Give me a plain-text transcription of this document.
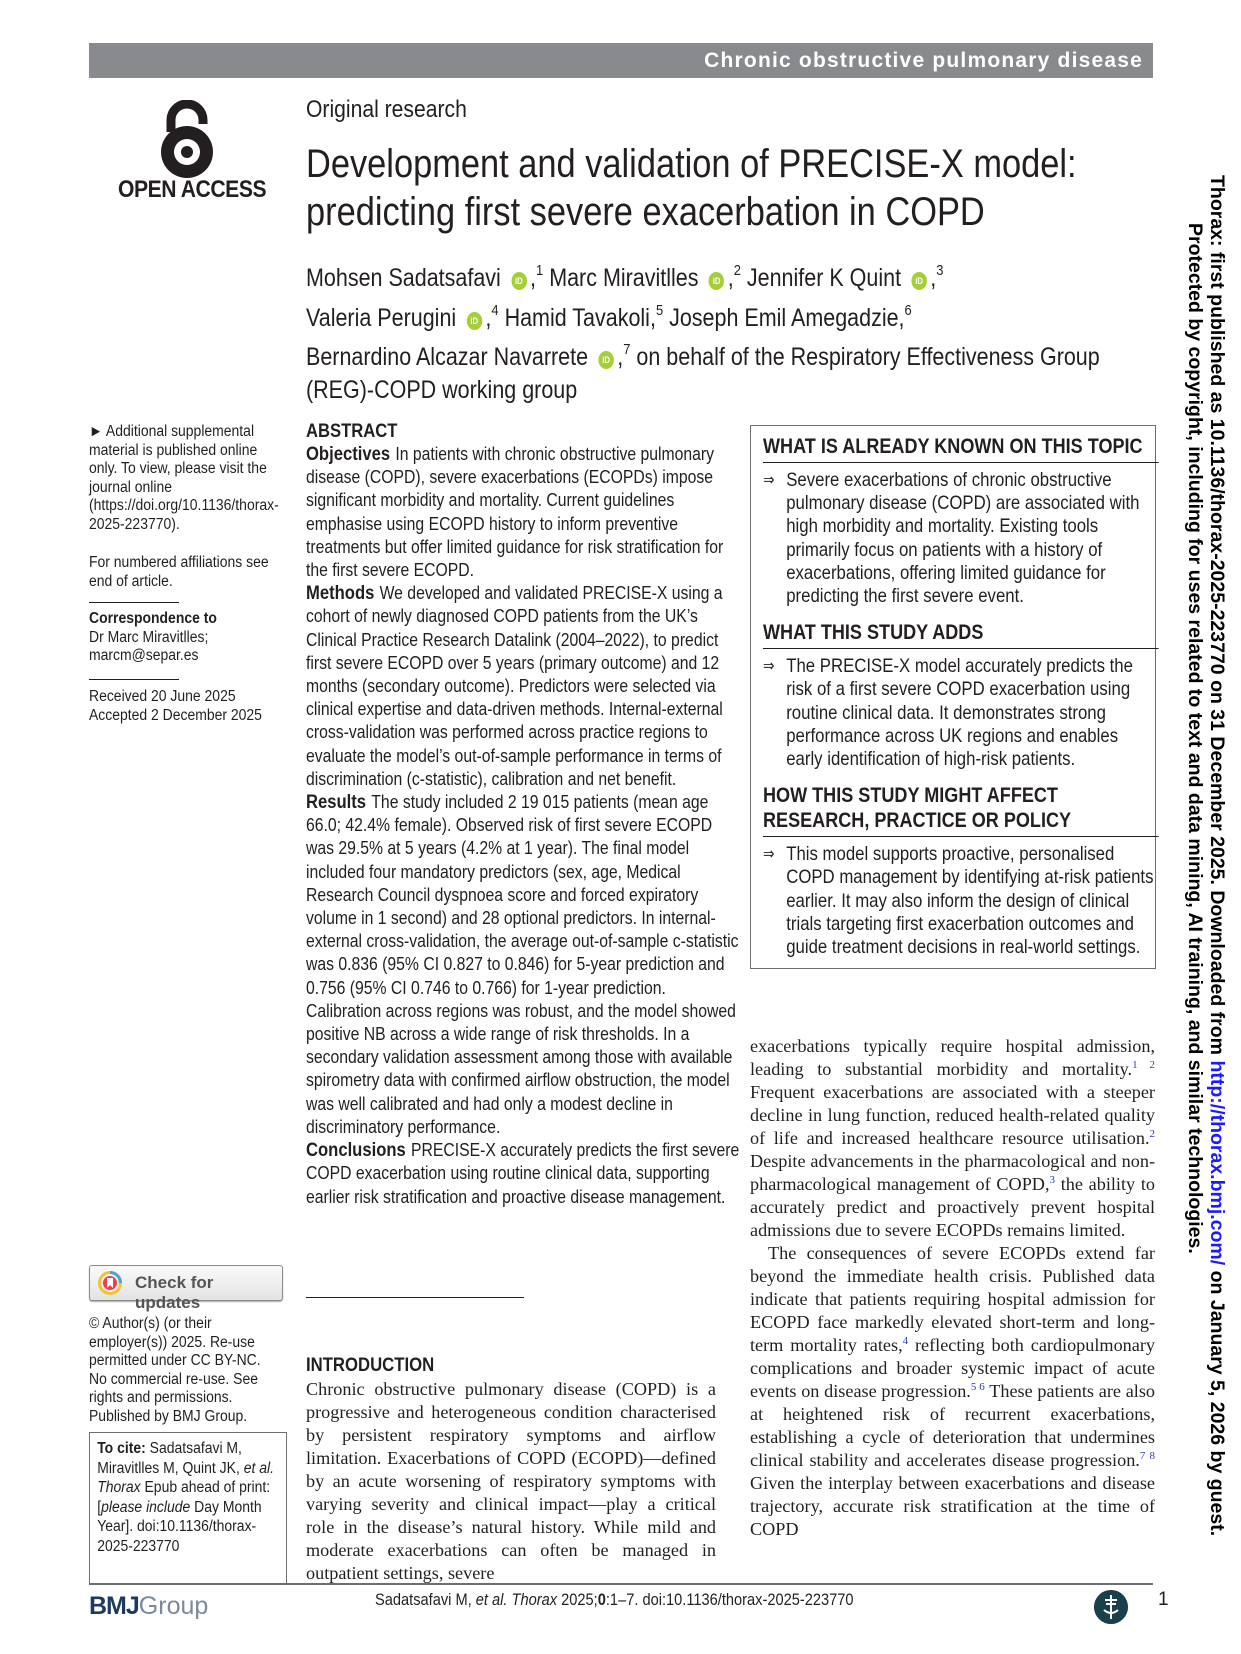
Chronic obstructive pulmonary disease
OPEN ACCESS
Original research
Development and validation of PRECISE-X model:
predicting first severe exacerbation in COPD
Mohsen Sadatsafavi iD ,$^1$ Marc Miravitlles iD ,$^2$ Jennifer K Quint iD ,$^3$
Valeria Perugini iD ,$^4$ Hamid Tavakoli,$^5$ Joseph Emil Amegadzie,$^6$
Bernardino Alcazar Navarrete iD ,$^7$ on behalf of the Respiratory Effectiveness Group
(REG)-COPD working group
► Additional supplemental material is published online only. To view, please visit the journal online (https://doi.org/10.1136/thorax-2025-223770).
For numbered affiliations see end of article.
Correspondence to
Dr Marc Miravitlles;
marcm@separ.es
Received 20 June 2025
Accepted 2 December 2025
Check for updates
© Author(s) (or their employer(s)) 2025. Re-use permitted under CC BY-NC. No commercial re-use. See rights and permissions. Published by BMJ Group.
To cite: Sadatsafavi M, Miravitlles M, Quint JK, et al. Thorax Epub ahead of print: [please include Day Month Year]. doi:10.1136/thorax-2025-223770
ABSTRACT

Objectives In patients with chronic obstructive pulmonary disease (COPD), severe exacerbations (ECOPDs) impose significant morbidity and mortality. Current guidelines emphasise using ECOPD history to inform preventive treatments but offer limited guidance for risk stratification for the first severe ECOPD.

Methods We developed and validated PRECISE-X using a cohort of newly diagnosed COPD patients from the UK’s Clinical Practice Research Datalink (2004–2022), to predict first severe ECOPD over 5 years (primary outcome) and 12 months (secondary outcome). Predictors were selected via clinical expertise and data-driven methods. Internal-external cross-validation was performed across practice regions to evaluate the model’s out-of-sample performance in terms of discrimination (c-statistic), calibration and net benefit.

Results The study included 2 19 015 patients (mean age 66.0; 42.4% female). Observed risk of first severe ECOPD was 29.5% at 5 years (4.2% at 1 year). The final model included four mandatory predictors (sex, age, Medical Research Council dyspnoea score and forced expiratory volume in 1 second) and 28 optional predictors. In internal-external cross-validation, the average out-of-sample c-statistic was 0.836 (95% CI 0.827 to 0.846) for 5-year prediction and 0.756 (95% CI 0.746 to 0.766) for 1-year prediction. Calibration across regions was robust, and the model showed positive NB across a wide range of risk thresholds. In a secondary validation assessment among those with available spirometry data with confirmed airflow obstruction, the model was well calibrated and had only a modest decline in discriminatory performance.

Conclusions PRECISE-X accurately predicts the first severe COPD exacerbation using routine clinical data, supporting earlier risk stratification and proactive disease management.

WHAT IS ALREADY KNOWN ON THIS TOPIC
⇒ Severe exacerbations of chronic obstructive pulmonary disease (COPD) are associated with high morbidity and mortality. Existing tools primarily focus on patients with a history of exacerbations, offering limited guidance for predicting the first severe event.
WHAT THIS STUDY ADDS
⇒ The PRECISE-X model accurately predicts the risk of a first severe COPD exacerbation using routine clinical data. It demonstrates strong performance across UK regions and enables early identification of high-risk patients.
HOW THIS STUDY MIGHT AFFECT RESEARCH, PRACTICE OR POLICY
⇒ This model supports proactive, personalised COPD management by identifying at-risk patients earlier. It may also inform the design of clinical trials targeting first exacerbation outcomes and guide treatment decisions in real-world settings.
INTRODUCTION
Chronic obstructive pulmonary disease (COPD) is a progressive and heterogeneous condition characterised by persistent respiratory symptoms and airflow limitation. Exacerbations of COPD (ECOPD)—defined by an acute worsening of respiratory symptoms with varying severity and clinical impact—play a critical role in the disease’s natural history. While mild and moderate exacerbations can often be managed in outpatient settings, severe
exacerbations typically require hospital admission, leading to substantial morbidity and mortality.$^{1 2}$ Frequent exacerbations are associated with a steeper decline in lung function, reduced health-related quality of life and increased healthcare resource utilisation.$^2$ Despite advancements in the pharmacological and non-pharmacological management of COPD,$^3$ the ability to accurately predict and proactively prevent hospital admissions due to severe ECOPDs remains limited.
The consequences of severe ECOPDs extend far beyond the immediate health crisis. Published data indicate that patients requiring hospital admission for ECOPD face markedly elevated short-term and long-term mortality rates,$^4$ reflecting both cardiopulmonary complications and broader systemic impact of acute events on disease progression.$^{5 6}$ These patients are also at heightened risk of recurrent exacerbations, establishing a cycle of deterioration that undermines clinical stability and accelerates disease progression.$^{7 8}$ Given the interplay between exacerbations and disease trajectory, accurate risk stratification at the time of COPD
Thorax: first published as 10.1136/thorax-2025-223770 on 31 December 2025. Downloaded from http://thorax.bmj.com/ on January 5, 2026 by guest.
Protected by copyright, including for uses related to text and data mining, AI training, and similar technologies.
BMJGroup	Sadatsafavi M, et al. Thorax 2025;0:1–7. doi:10.1136/thorax-2025-223770	1
